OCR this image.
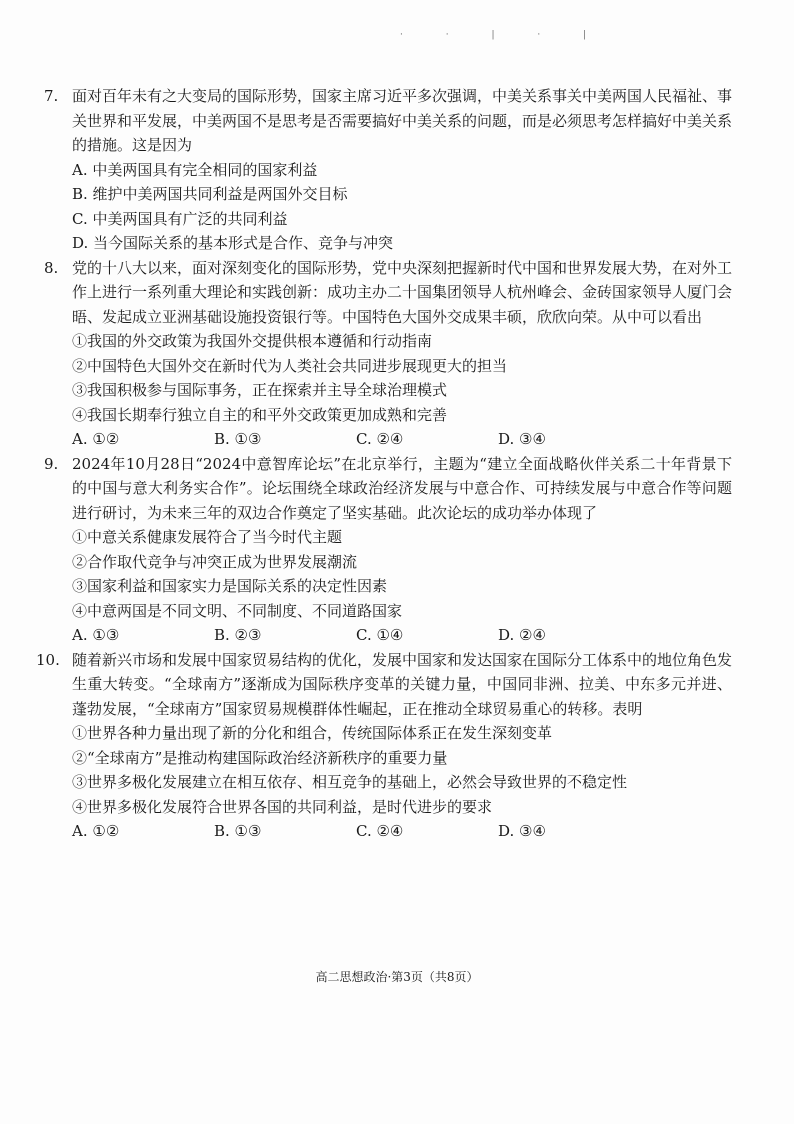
· · | · |
7. 面对百年未有之大变局的国际形势，国家主席习近平多次强调，中美关系事关中美两国人民福祉、事关世界和平发展，中美两国不是思考是否需要搞好中美关系的问题，而是必须思考怎样搞好中美关系的措施。这是因为

A. 中美两国具有完全相同的国家利益

B. 维护中美两国共同利益是两国外交目标

C. 中美两国具有广泛的共同利益

D. 当今国际关系的基本形式是合作、竞争与冲突

8. 党的十八大以来，面对深刻变化的国际形势，党中央深刻把握新时代中国和世界发展大势，在对外工作上进行一系列重大理论和实践创新：成功主办二十国集团领导人杭州峰会、金砖国家领导人厦门会晤、发起成立亚洲基础设施投资银行等。中国特色大国外交成果丰硕，欣欣向荣。从中可以看出

①我国的外交政策为我国外交提供根本遵循和行动指南

②中国特色大国外交在新时代为人类社会共同进步展现更大的担当

③我国积极参与国际事务，正在探索并主导全球治理模式

④我国长期奉行独立自主的和平外交政策更加成熟和完善

A. ①②	B. ①③	C. ②④	D. ③④
9. 2024年10月28日“2024中意智库论坛”在北京举行，主题为“建立全面战略伙伴关系二十年背景下的中国与意大利务实合作”。论坛围绕全球政治经济发展与中意合作、可持续发展与中意合作等问题进行研讨，为未来三年的双边合作奠定了坚实基础。此次论坛的成功举办体现了

①中意关系健康发展符合了当今时代主题

②合作取代竞争与冲突正成为世界发展潮流

③国家利益和国家实力是国际关系的决定性因素

④中意两国是不同文明、不同制度、不同道路国家

A. ①③	B. ②③	C. ①④	D. ②④
10. 随着新兴市场和发展中国家贸易结构的优化，发展中国家和发达国家在国际分工体系中的地位角色发生重大转变。“全球南方”逐渐成为国际秩序变革的关键力量，中国同非洲、拉美、中东多元并进、蓬勃发展，“全球南方”国家贸易规模群体性崛起，正在推动全球贸易重心的转移。表明

①世界各种力量出现了新的分化和组合，传统国际体系正在发生深刻变革

②“全球南方”是推动构建国际政治经济新秩序的重要力量

③世界多极化发展建立在相互依存、相互竞争的基础上，必然会导致世界的不稳定性

④世界多极化发展符合世界各国的共同利益，是时代进步的要求

A. ①②	B. ①③	C. ②④	D. ③④
高二思想政治·第3页（共8页）
